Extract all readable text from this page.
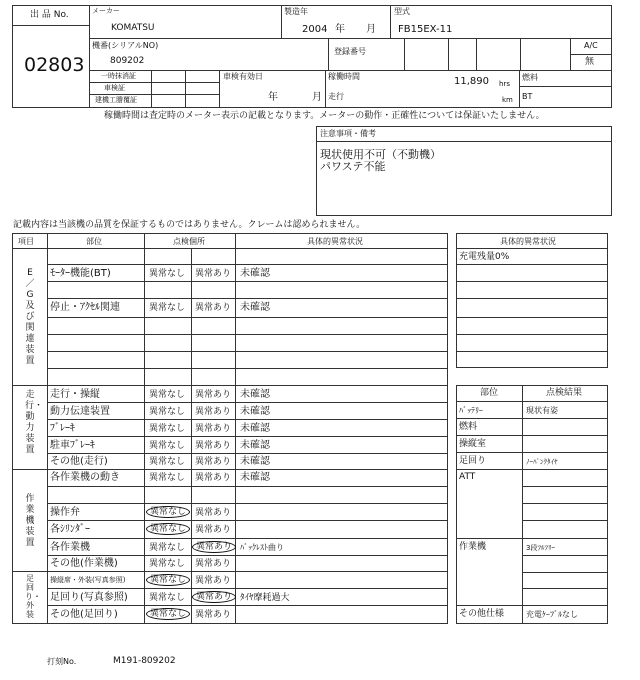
出 品 No.
02803
メーカー
KOMATSU
製造年
2004 年 月
型式
FB15EX-11
機番(シリアルNO)
809202
登録番号
A/C
無
一時抹消証
車検証
建機工謄覆証
車検有効日
年	月
稼働時間	11,890 hrs
走行	km
燃料
BT
稼働時間は査定時のメーター表示の記載となります。メーターの動作・正確性については保証いたしません。
注意事項・備考
現状使用不可（不動機）
パワステ不能
記載内容は当該機の品質を保証するものではありません。クレームは認められません。
項目	部位	点検個所	具体的異常状況
E／G及び関連装置
走行・動力装置
作業機装置
足回り・外装
ﾓｰﾀｰ機能(BT)	異常なし 異常あり 未確認
停止・ｱｸｾﾙ関連	異常なし 異常あり 未確認
走行・操縦	異常なし 異常あり 未確認
動力伝達装置	異常なし 異常あり 未確認
ﾌﾞﾚｰｷ	異常なし 異常あり 未確認
駐車ﾌﾞﾚｰｷ	異常なし 異常あり 未確認
その他(走行)	異常なし 異常あり 未確認
各作業機の動き	異常なし 異常あり 未確認
操作弁	異常なし 異常あり
各ｼﾘﾝﾀﾞｰ	異常なし 異常あり
各作業機	異常なし 異常あり ﾊﾞｯｸﾚｽﾄ曲り
その他(作業機)	異常なし 異常あり
操縦席・外装(写真参照)	異常なし 異常あり
足回り(写真参照) 異常なし 異常あり ﾀｲﾔ摩耗過大
その他(足回り)	異常なし 異常あり
具体的異常状況
充電残量0%
部位	点検結果
ﾊﾞｯﾃﾘｰ	現状有姿
燃料
操縦室
足回り	ﾉｰﾊﾟﾝｸﾀｲﾔ
ATT
作業機	3段ﾌﾙﾌﾘｰ
その他仕様	充電ｹｰﾌﾞﾙなし
打刻No.	M191-809202
